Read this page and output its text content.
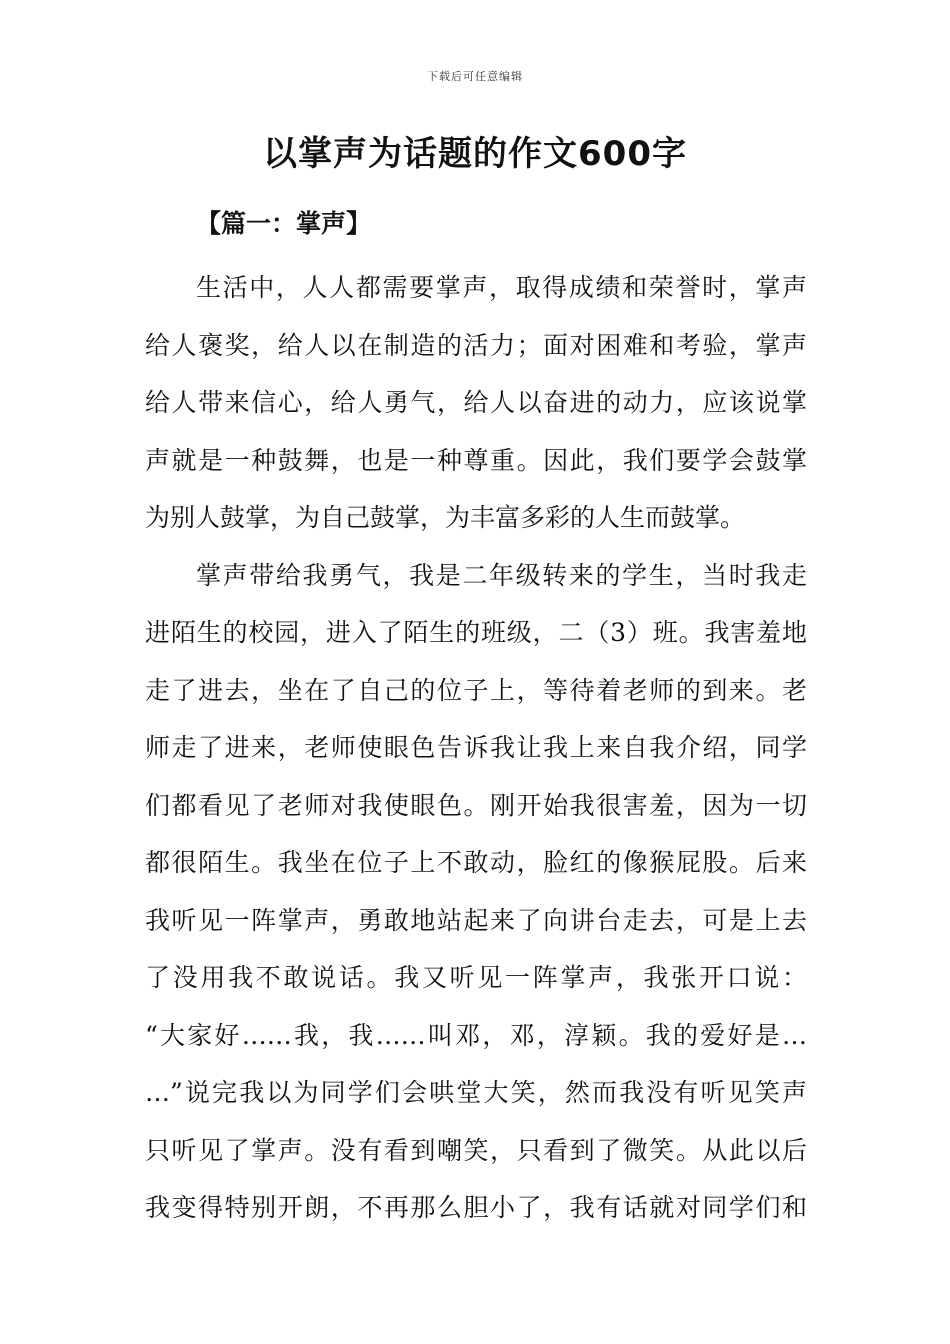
下载后可任意编辑
以掌声为话题的作文600字
【篇一：掌声】
生活中，人人都需要掌声，取得成绩和荣誉时，掌声
给人褒奖，给人以在制造的活力；面对困难和考验，掌声
给人带来信心，给人勇气，给人以奋进的动力，应该说掌
声就是一种鼓舞，也是一种尊重。因此，我们要学会鼓掌
为别人鼓掌，为自己鼓掌，为丰富多彩的人生而鼓掌。
掌声带给我勇气，我是二年级转来的学生，当时我走
进陌生的校园，进入了陌生的班级，二（3）班。我害羞地
走了进去，坐在了自己的位子上，等待着老师的到来。老
师走了进来，老师使眼色告诉我让我上来自我介绍，同学
们都看见了老师对我使眼色。刚开始我很害羞，因为一切
都很陌生。我坐在位子上不敢动，脸红的像猴屁股。后来
我听见一阵掌声，勇敢地站起来了向讲台走去，可是上去
了没用我不敢说话。我又听见一阵掌声，我张开口说：
“大家好……我，我……叫邓，邓，淳颖。我的爱好是…
…”说完我以为同学们会哄堂大笑，然而我没有听见笑声
只听见了掌声。没有看到嘲笑，只看到了微笑。从此以后
我变得特别开朗，不再那么胆小了，我有话就对同学们和
